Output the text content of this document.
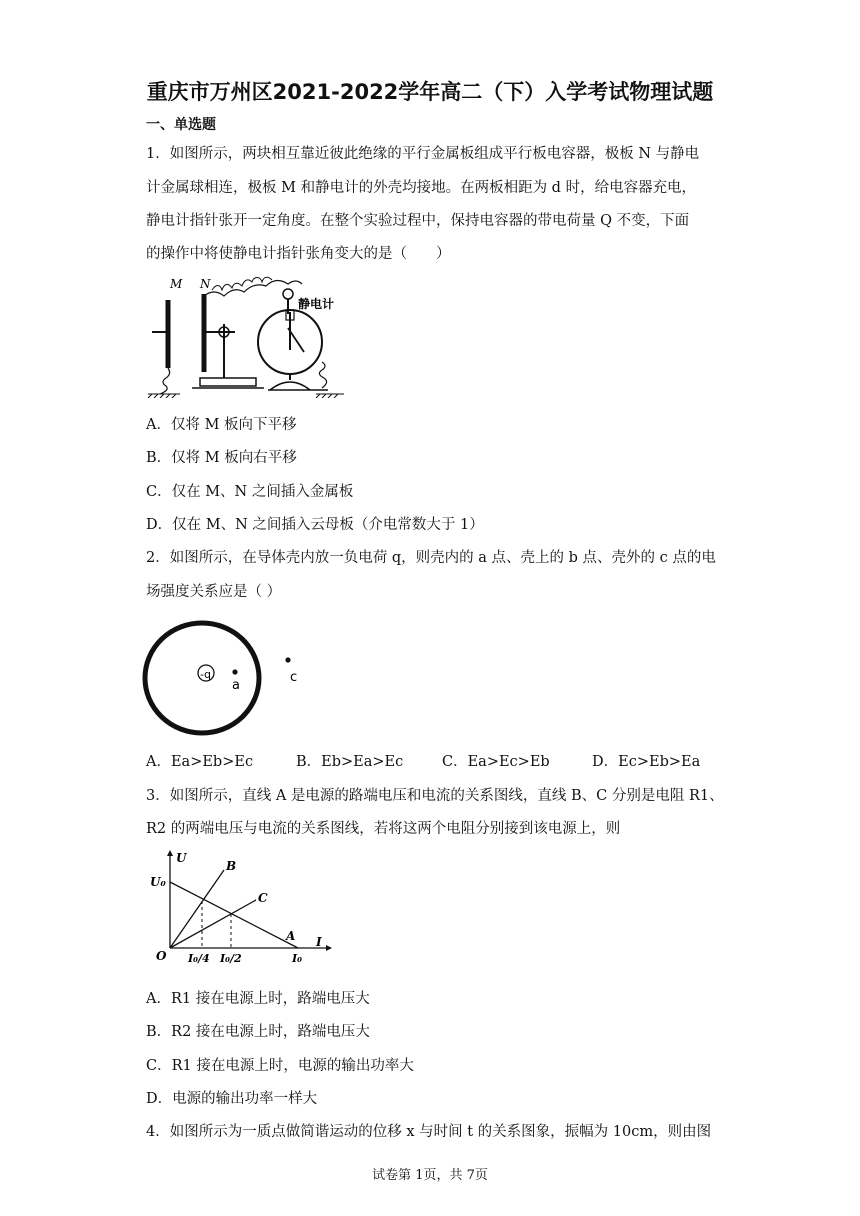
重庆市万州区2021-2022学年高二（下）入学考试物理试题
一、单选题
1．如图所示，两块相互靠近彼此绝缘的平行金属板组成平行板电容器，极板 N 与静电
计金属球相连，极板 M 和静电计的外壳均接地。在两板相距为 d 时，给电容器充电，
静电计指针张开一定角度。在整个实验过程中，保持电容器的带电荷量 Q 不变，下面
的操作中将使静电计指针张角变大的是（　　）
M N
静电计
A．仅将 M 板向下平移
B．仅将 M 板向右平移
C．仅在 M、N 之间插入金属板
D．仅在 M、N 之间插入云母板（介电常数大于 1）
2．如图所示，在导体壳内放一负电荷 q，则壳内的 a 点、壳上的 b 点、壳外的 c 点的电
场强度关系应是（ ）
-q
a
c
A．Ea>Eb>Ec	B．Eb>Ea>Ec	C．Ea>Ec>Eb	D．Ec>Eb>Ea
3．如图所示，直线 A 是电源的路端电压和电流的关系图线，直线 B、C 分别是电阻 R1、
R2 的两端电压与电流的关系图线，若将这两个电阻分别接到该电源上，则
U
U₀
B
C
A I
O I₀/4 I₀/2	I₀
A．R1 接在电源上时，路端电压大
B．R2 接在电源上时，路端电压大
C．R1 接在电源上时，电源的输出功率大
D．电源的输出功率一样大
4．如图所示为一质点做简谐运动的位移 x 与时间 t 的关系图象，振幅为 10cm，则由图
试卷第 1页，共 7页
